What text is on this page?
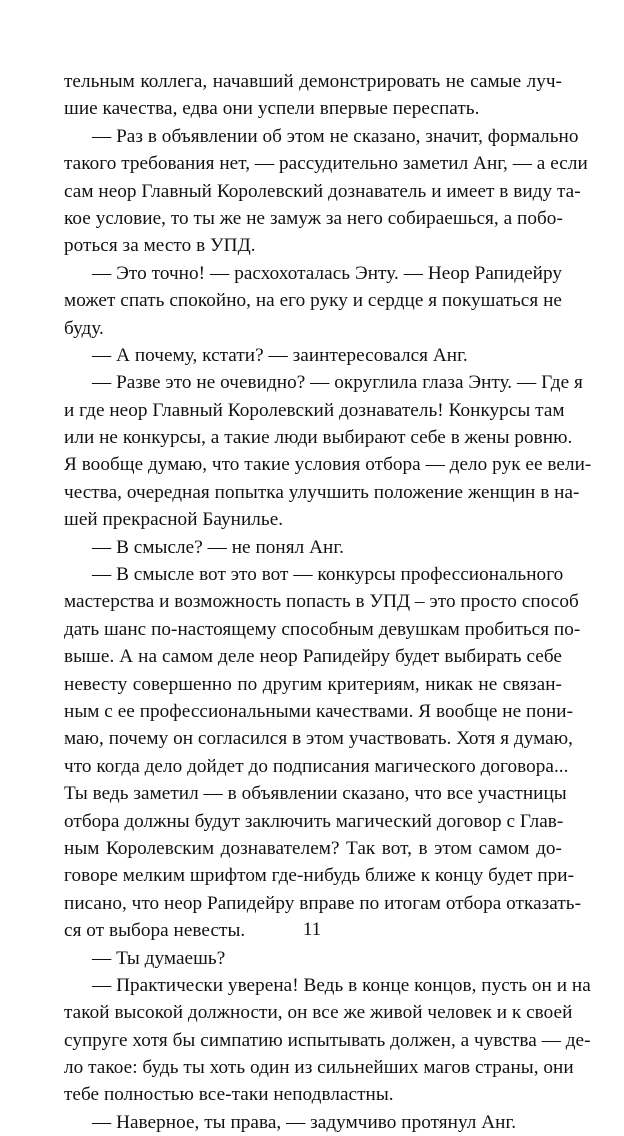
тельным коллега, начавший демонстрировать не самые луч-
шие качества, едва они успели впервые переспать.
— Раз в объявлении об этом не сказано, значит, формально
такого требования нет, — рассудительно заметил Анг, — а если
сам неор Главный Королевский дознаватель и имеет в виду та-
кое условие, то ты же не замуж за него собираешься, а побо-
роться за место в УПД.
— Это точно! — расхохоталась Энту. — Неор Рапидейру
может спать спокойно, на его руку и сердце я покушаться не
буду.
— А почему, кстати? — заинтересовался Анг.
— Разве это не очевидно? — округлила глаза Энту. — Где я
и где неор Главный Королевский дознаватель! Конкурсы там
или не конкурсы, а такие люди выбирают себе в жены ровню.
Я вообще думаю, что такие условия отбора — дело рук ее вели-
чества, очередная попытка улучшить положение женщин в на-
шей прекрасной Баунилье.
— В смысле? — не понял Анг.
— В смысле вот это вот — конкурсы профессионального
мастерства и возможность попасть в УПД – это просто способ
дать шанс по-настоящему способным девушкам пробиться по-
выше. А на самом деле неор Рапидейру будет выбирать себе
невесту совершенно по другим критериям, никак не связан-
ным с ее профессиональными качествами. Я вообще не пони-
маю, почему он согласился в этом участвовать. Хотя я думаю,
что когда дело дойдет до подписания магического договора...
Ты ведь заметил — в объявлении сказано, что все участницы
отбора должны будут заключить магический договор с Глав-
ным Королевским дознавателем? Так вот, в этом самом до-
говоре мелким шрифтом где-нибудь ближе к концу будет при-
писано, что неор Рапидейру вправе по итогам отбора отказать-
ся от выбора невесты.
— Ты думаешь?
— Практически уверена! Ведь в конце концов, пусть он и на
такой высокой должности, он все же живой человек и к своей
супруге хотя бы симпатию испытывать должен, а чувства — де-
ло такое: будь ты хоть один из сильнейших магов страны, они
тебе полностью все-таки неподвластны.
— Наверное, ты права, — задумчиво протянул Анг.
11
